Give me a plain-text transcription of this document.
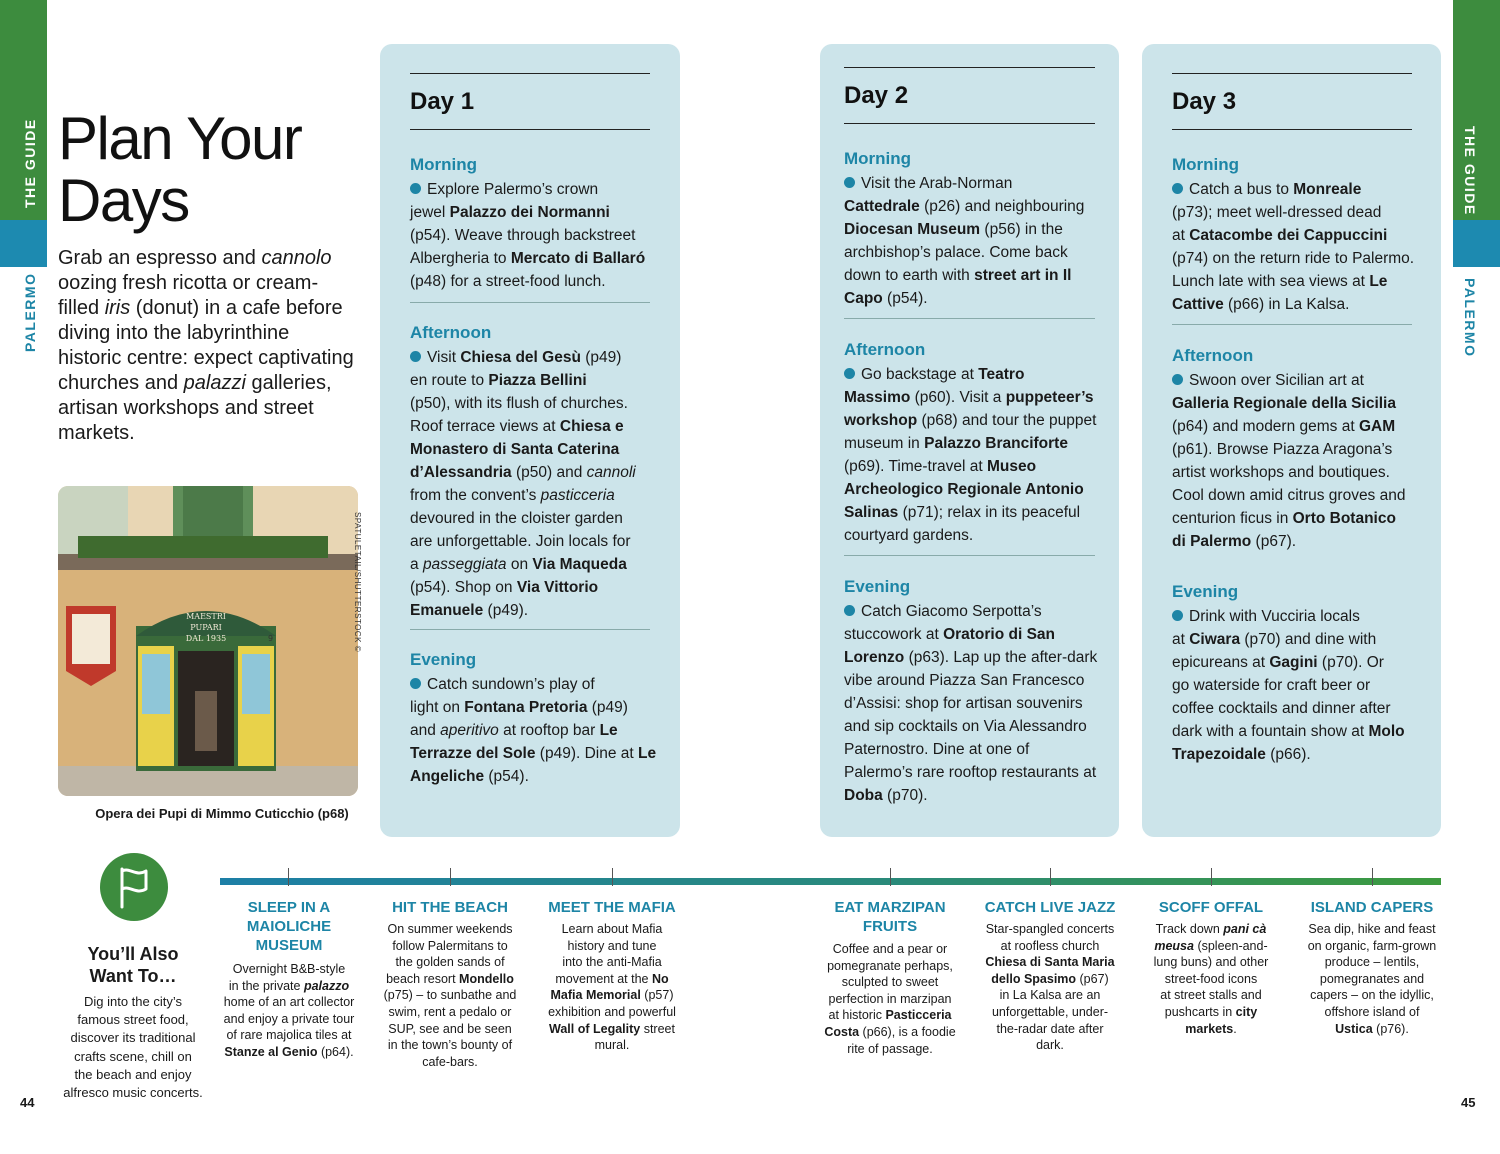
THE GUIDE
PALERMO
THE GUIDE
PALERMO
Plan Your
Days
Grab an espresso and cannolo oozing fresh ricotta or cream-filled iris (donut) in a cafe before diving into the labyrinthine historic centre: expect captivating churches and palazzi galleries, artisan workshops and street markets.
MAESTRI
PUPARI
DAL 1935	9	SPATULETAIL/SHUTTERSTOCK ©
Opera dei Pupi di Mimmo Cuticchio (p68)
Day 1
Morning
Explore Palermo’s crown
jewel Palazzo dei Normanni
(p54). Weave through backstreet
Albergheria to Mercato di Ballaró
(p48) for a street-food lunch.
Afternoon
Visit Chiesa del Gesù (p49)
en route to Piazza Bellini
(p50), with its flush of churches.
Roof terrace views at Chiesa e
Monastero di Santa Caterina
d’Alessandria (p50) and cannoli
from the convent’s pasticceria
devoured in the cloister garden
are unforgettable. Join locals for
a passeggiata on Via Maqueda
(p54). Shop on Via Vittorio
Emanuele (p49).
Evening
Catch sundown’s play of
light on Fontana Pretoria (p49)
and aperitivo at rooftop bar Le
Terrazze del Sole (p49). Dine at Le
Angeliche (p54).
Day 2
Morning
Visit the Arab-Norman
Cattedrale (p26) and neighbouring
Diocesan Museum (p56) in the
archbishop’s palace. Come back
down to earth with street art in Il
Capo (p54).
Afternoon
Go backstage at Teatro
Massimo (p60). Visit a puppeteer’s
workshop (p68) and tour the puppet
museum in Palazzo Branciforte
(p69). Time-travel at Museo
Archeologico Regionale Antonio
Salinas (p71); relax in its peaceful
courtyard gardens.
Evening
Catch Giacomo Serpotta’s
stuccowork at Oratorio di San
Lorenzo (p63). Lap up the after-dark
vibe around Piazza San Francesco
d’Assisi: shop for artisan souvenirs
and sip cocktails on Via Alessandro
Paternostro. Dine at one of
Palermo’s rare rooftop restaurants at
Doba (p70).
Day 3
Morning
Catch a bus to Monreale
(p73); meet well-dressed dead
at Catacombe dei Cappuccini
(p74) on the return ride to Palermo.
Lunch late with sea views at Le
Cattive (p66) in La Kalsa.
Afternoon
Swoon over Sicilian art at
Galleria Regionale della Sicilia
(p64) and modern gems at GAM
(p61). Browse Piazza Aragona’s
artist workshops and boutiques.
Cool down amid citrus groves and
centurion ficus in Orto Botanico
di Palermo (p67).
Evening
Drink with Vucciria locals
at Ciwara (p70) and dine with
epicureans at Gagini (p70). Or
go waterside for craft beer or
coffee cocktails and dinner after
dark with a fountain show at Molo
Trapezoidale (p66).
You’ll Also
Want To…
Dig into the city’s
famous street food,
discover its traditional
crafts scene, chill on
the beach and enjoy
alfresco music concerts.
SLEEP IN A
MAIOLICHE
MUSEUM
Overnight B&B-style
in the private palazzo
home of an art collector
and enjoy a private tour
of rare majolica tiles at
Stanze al Genio (p64).
HIT THE BEACH
On summer weekends
follow Palermitans to
the golden sands of
beach resort Mondello
(p75) – to sunbathe and
swim, rent a pedalo or
SUP, see and be seen
in the town’s bounty of
cafe-bars.
MEET THE MAFIA
Learn about Mafia
history and tune
into the anti-Mafia
movement at the No
Mafia Memorial (p57)
exhibition and powerful
Wall of Legality street
mural.
EAT MARZIPAN
FRUITS
Coffee and a pear or
pomegranate perhaps,
sculpted to sweet
perfection in marzipan
at historic Pasticceria
Costa (p66), is a foodie
rite of passage.
CATCH LIVE JAZZ
Star-spangled concerts
at roofless church
Chiesa di Santa Maria
dello Spasimo (p67)
in La Kalsa are an
unforgettable, under-
the-radar date after
dark.
SCOFF OFFAL
Track down pani cà
meusa (spleen-and-
lung buns) and other
street-food icons
at street stalls and
pushcarts in city
markets.
ISLAND CAPERS
Sea dip, hike and feast
on organic, farm-grown
produce – lentils,
pomegranates and
capers – on the idyllic,
offshore island of
Ustica (p76).
44	45
